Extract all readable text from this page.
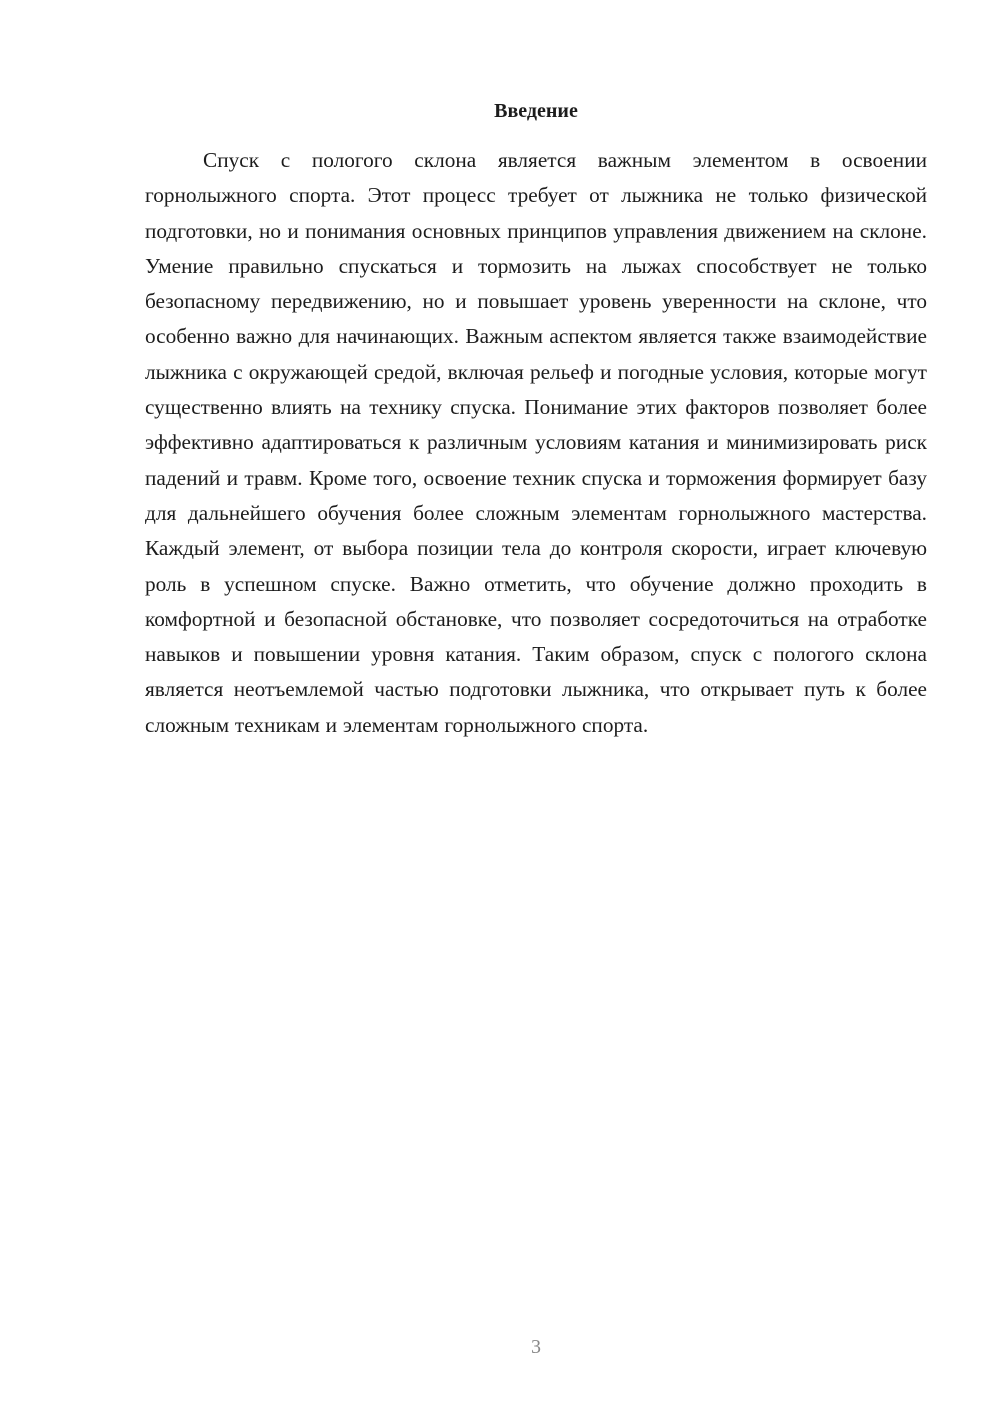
Введение

Спуск с пологого склона является важным элементом в освоении горнолыжного спорта. Этот процесс требует от лыжника не только физической подготовки, но и понимания основных принципов управления движением на склоне. Умение правильно спускаться и тормозить на лыжах способствует не только безопасному передвижению, но и повышает уровень уверенности на склоне, что особенно важно для начинающих. Важным аспектом является также взаимодействие лыжника с окружающей средой, включая рельеф и погодные условия, которые могут существенно влиять на технику спуска. Понимание этих факторов позволяет более эффективно адаптироваться к различным условиям катания и минимизировать риск падений и травм. Кроме того, освоение техник спуска и торможения формирует базу для дальнейшего обучения более сложным элементам горнолыжного мастерства. Каждый элемент, от выбора позиции тела до контроля скорости, играет ключевую роль в успешном спуске. Важно отметить, что обучение должно проходить в комфортной и безопасной обстановке, что позволяет сосредоточиться на отработке навыков и повышении уровня катания. Таким образом, спуск с пологого склона является неотъемлемой частью подготовки лыжника, что открывает путь к более сложным техникам и элементам горнолыжного спорта.

3
